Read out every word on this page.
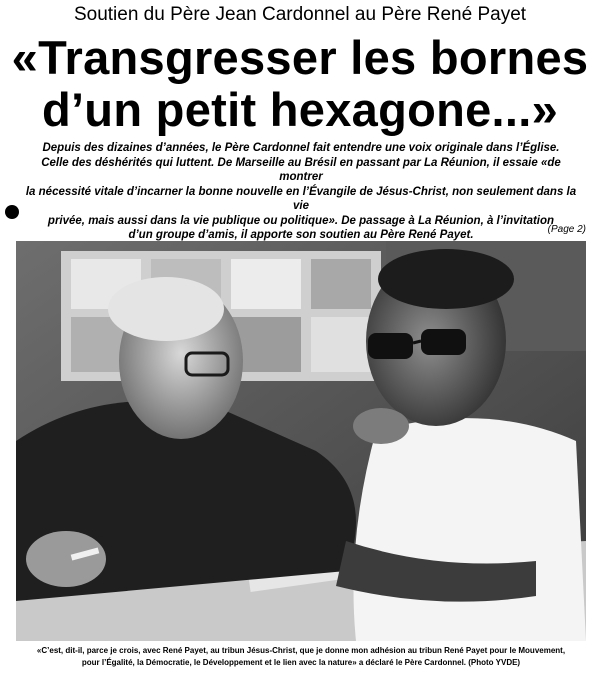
Soutien du Père Jean Cardonnel au Père René Payet
«Transgresser les bornes
d’un petit hexagone...»
Depuis des dizaines d’années, le Père Cardonnel fait entendre une voix originale dans l’Église.
Celle des déshérités qui luttent. De Marseille au Brésil en passant par La Réunion, il essaie «de montrer
la nécessité vitale d’incarner la bonne nouvelle en l’Évangile de Jésus-Christ, non seulement dans la vie
privée, mais aussi dans la vie publique ou politique». De passage à La Réunion, à l’invitation
d’un groupe d’amis, il apporte son soutien au Père René Payet.	(Page 2)
«C’est, dit-il, parce je crois, avec René Payet, au tribun Jésus-Christ, que je donne mon adhésion au tribun René Payet pour le Mouvement,
pour l’Égalité, la Démocratie, le Développement et le lien avec la nature» a déclaré le Père Cardonnel. (Photo YVDE)
